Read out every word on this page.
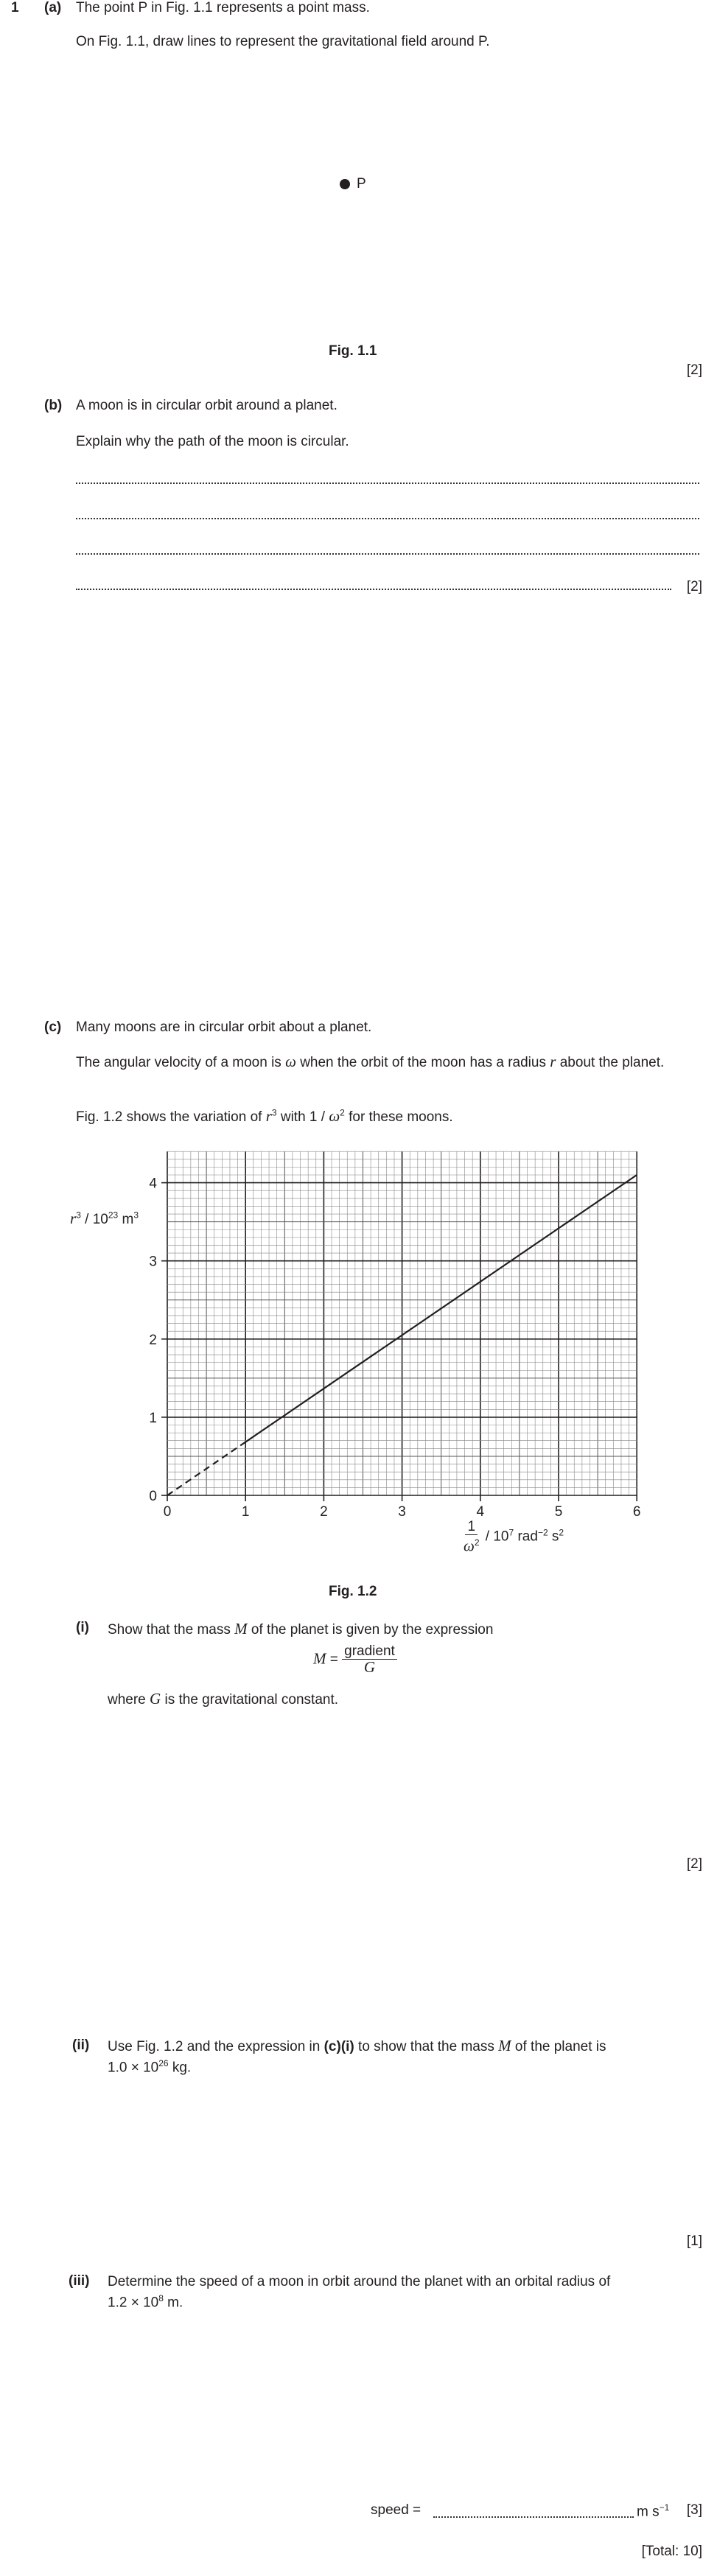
1 (a) The point P in Fig. 1.1 represents a point mass.
On Fig. 1.1, draw lines to represent the gravitational field around P.
P
Fig. 1.1
[2]
(b) A moon is in circular orbit around a planet.
Explain why the path of the moon is circular.
[2]
(c) Many moons are in circular orbit about a planet.
The angular velocity of a moon is ω when the orbit of the moon has a radius r about the planet.
Fig. 1.2 shows the variation of $r^3$ with $1 / \omega^2$ for these moons.
0	1	2	3	4	5	6
0
1
2
3
4
$r^3 / 10^{23}$ $m^3$
$\frac{1}{\omega^2} / 10^7$ rad$^{-2}$ $s^2$
Fig. 1.2
(i) Show that the mass M of the planet is given by the expression
$M = \frac{\text{gradient}}{G}$
where G is the gravitational constant.
[2]
(ii) Use Fig. 1.2 and the expression in (c)(i) to show that the mass M of the planet is
$1.0 \times 10^{26}$ kg.
[1]
(iii) Determine the speed of a moon in orbit around the planet with an orbital radius of
$1.2 \times 10^8$ m.
speed =	m $s^{-1}$ [3]
[Total: 10]
